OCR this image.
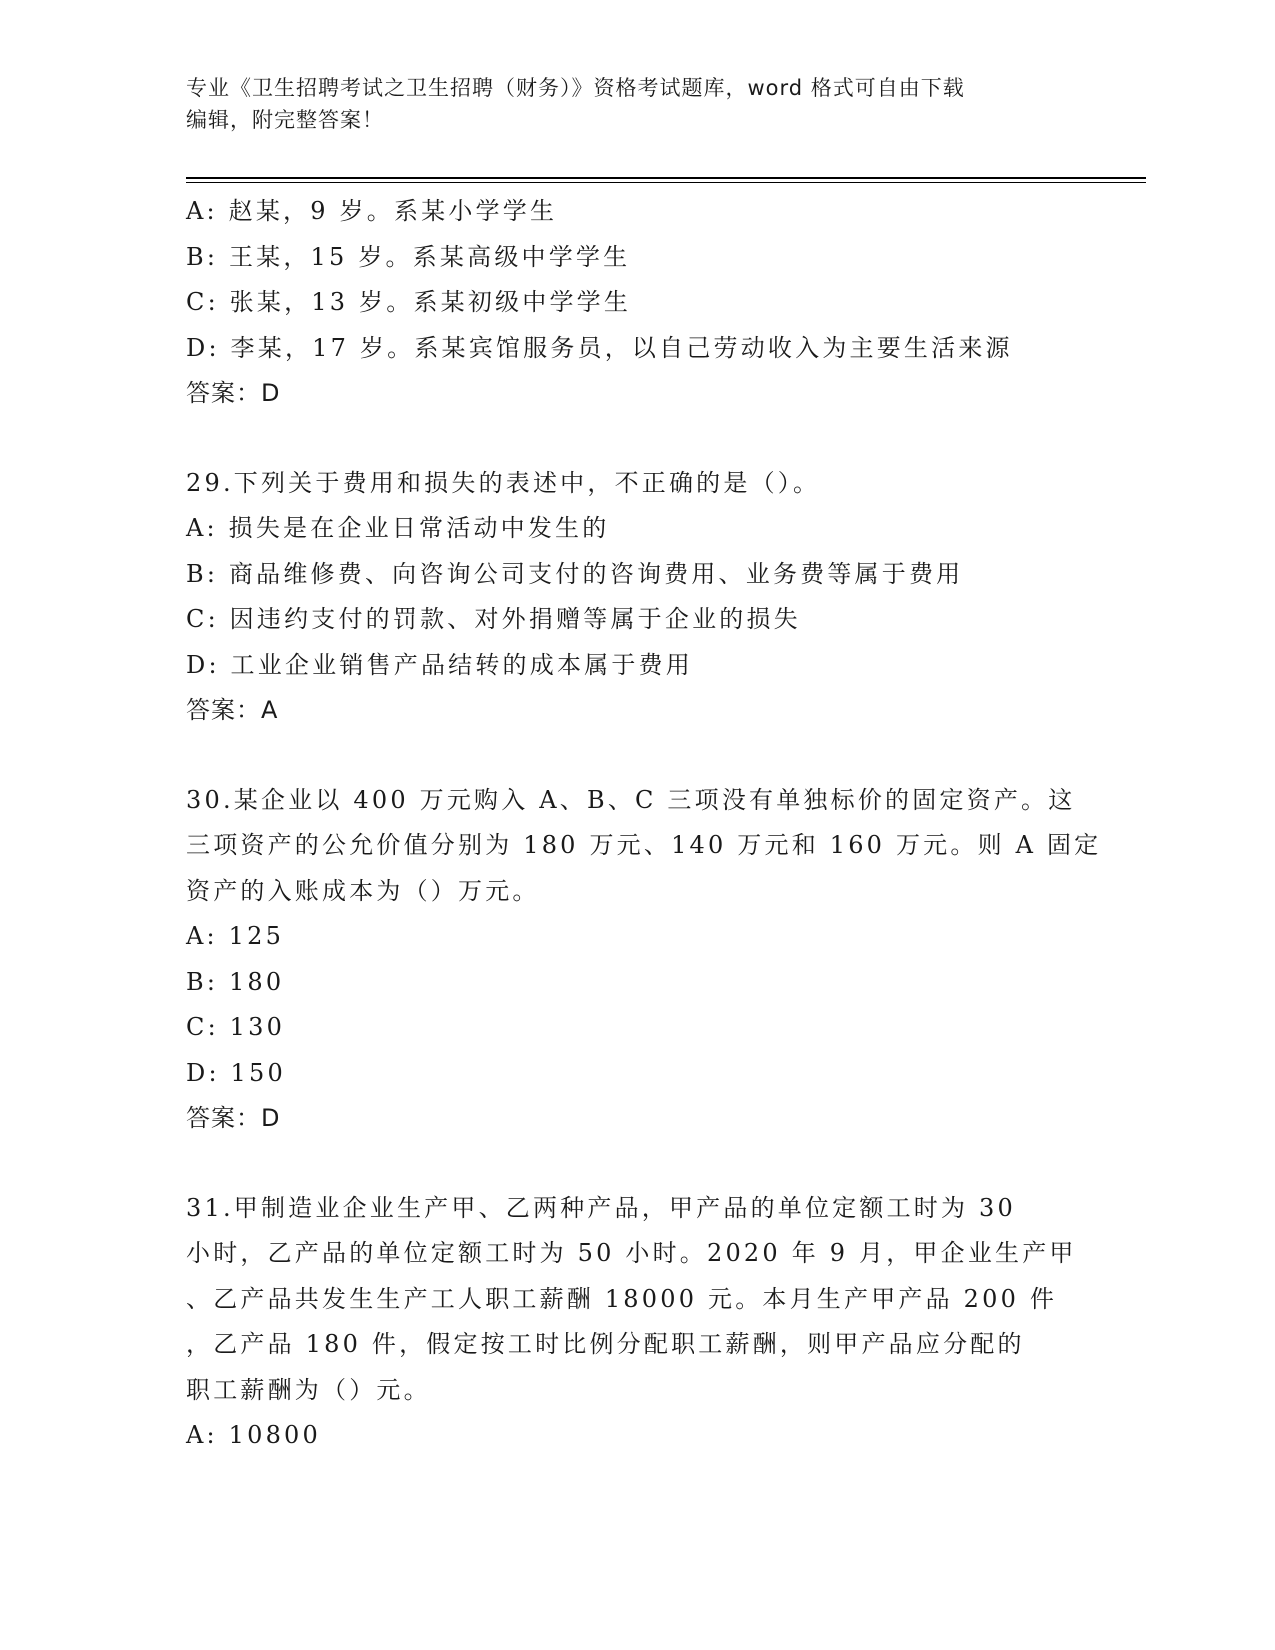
专业《卫生招聘考试之卫生招聘（财务）》资格考试题库，word 格式可自由下载
编辑，附完整答案！
A: 赵某，9 岁。系某小学学生
B: 王某，15 岁。系某高级中学学生
C: 张某，13 岁。系某初级中学学生
D: 李某，17 岁。系某宾馆服务员，以自己劳动收入为主要生活来源
答案：D
29.下列关于费用和损失的表述中，不正确的是（）。
A: 损失是在企业日常活动中发生的
B: 商品维修费、向咨询公司支付的咨询费用、业务费等属于费用
C: 因违约支付的罚款、对外捐赠等属于企业的损失
D: 工业企业销售产品结转的成本属于费用
答案：A
30.某企业以 400 万元购入 A、B、C 三项没有单独标价的固定资产。这
三项资产的公允价值分别为 180 万元、140 万元和 160 万元。则 A 固定
资产的入账成本为（）万元。
A: 125
B: 180
C: 130
D: 150
答案：D
31.甲制造业企业生产甲、乙两种产品，甲产品的单位定额工时为 30
小时，乙产品的单位定额工时为 50 小时。2020 年 9 月，甲企业生产甲
、乙产品共发生生产工人职工薪酬 18000 元。本月生产甲产品 200 件
，乙产品 180 件，假定按工时比例分配职工薪酬，则甲产品应分配的
职工薪酬为（）元。
A: 10800
